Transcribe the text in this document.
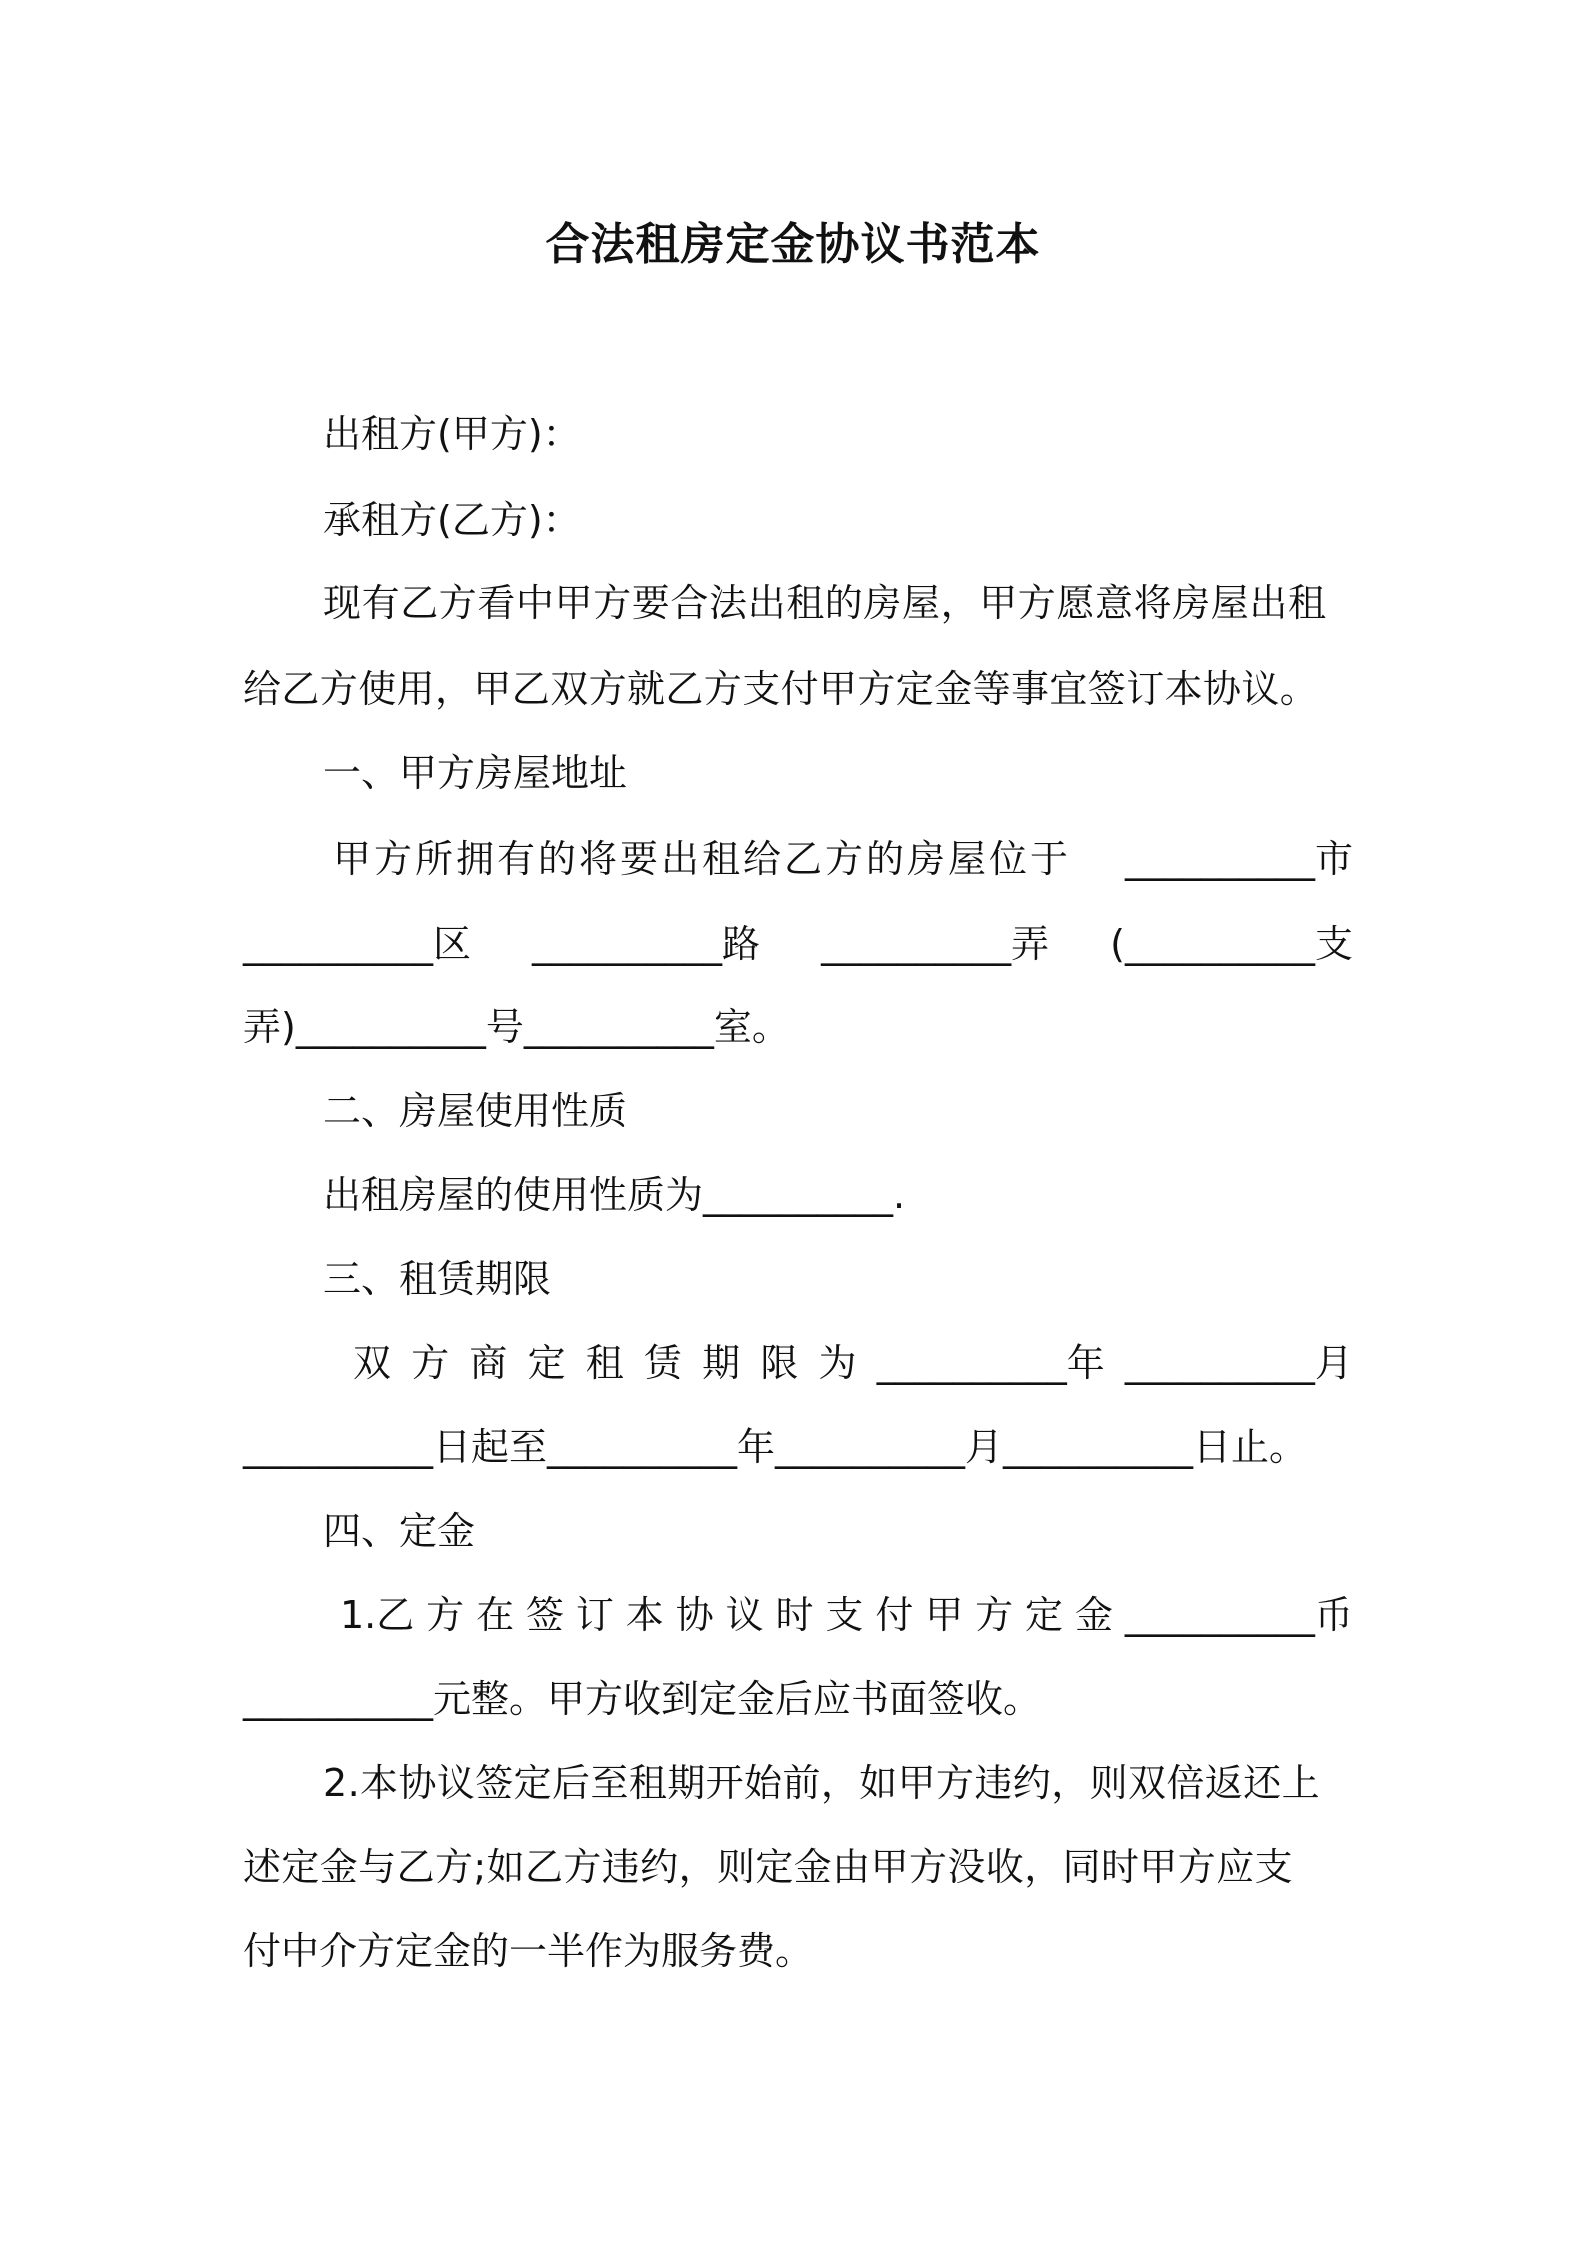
合法租房定金协议书范本

出租方(甲方)：

承租方(乙方)：

现有乙方看中甲方要合法出租的房屋，甲方愿意将房屋出租

给乙方使用，甲乙双方就乙方支付甲方定金等事宜签订本协议。

一、甲方房屋地址

甲方所拥有的将要出租给乙方的房屋位于 __________市
__________区 __________路 __________弄 (__________支

弄)__________号__________室。

二、房屋使用性质

出租房屋的使用性质为__________.

三、租赁期限

双 方 商 定 租 赁 期 限 为 __________年 __________月

__________日起至__________年__________月__________日止。

四、定金

1.乙 方 在 签 订 本 协 议 时 支 付 甲 方 定 金 __________币

__________元整。甲方收到定金后应书面签收。

2.本协议签定后至租期开始前，如甲方违约，则双倍返还上

述定金与乙方;如乙方违约，则定金由甲方没收，同时甲方应支

付中介方定金的一半作为服务费。
